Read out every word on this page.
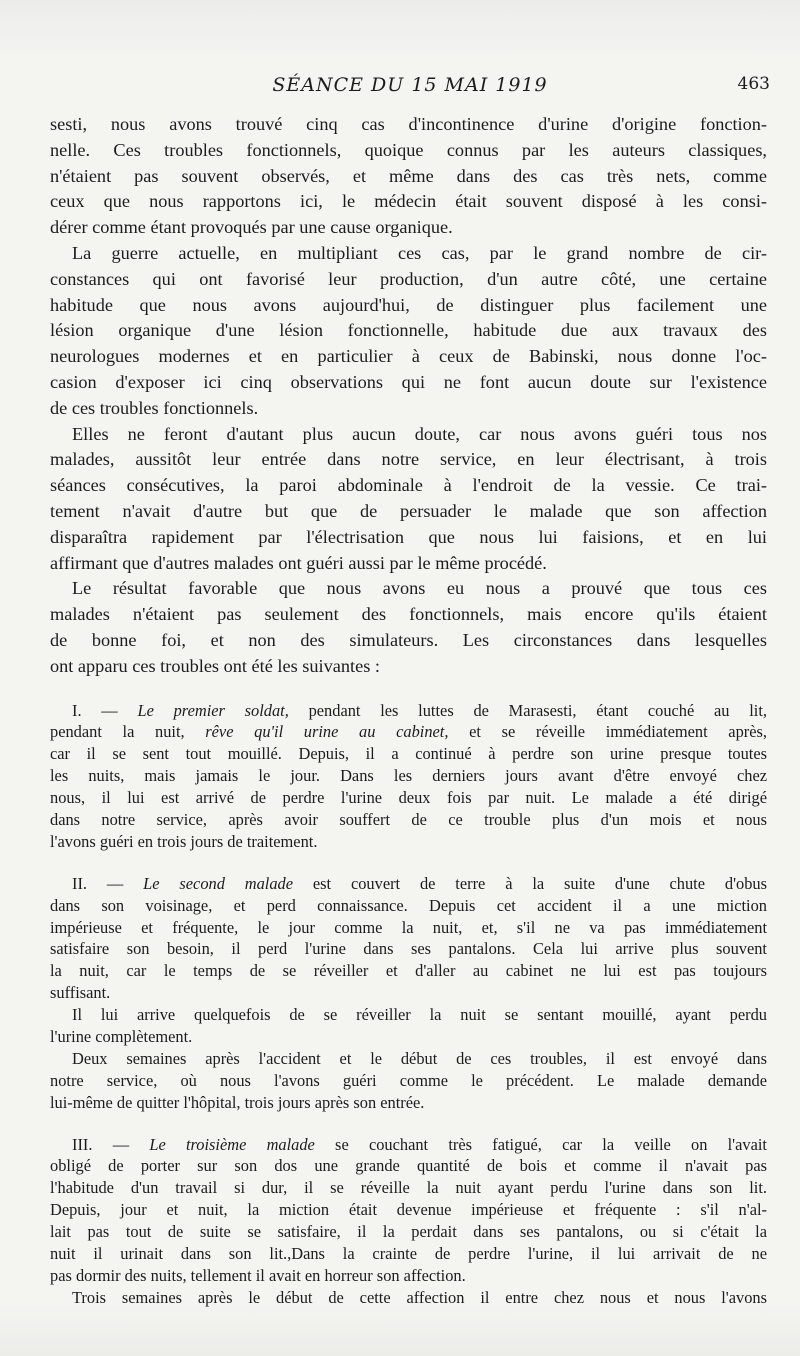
SÉANCE DU 15 MAI 1919	463
sesti, nous avons trouvé cinq cas d'incontinence d'urine d'origine fonction-
nelle. Ces troubles fonctionnels, quoique connus par les auteurs classiques,
n'étaient pas souvent observés, et même dans des cas très nets, comme
ceux que nous rapportons ici, le médecin était souvent disposé à les consi-
dérer comme étant provoqués par une cause organique.
La guerre actuelle, en multipliant ces cas, par le grand nombre de cir-
constances qui ont favorisé leur production, d'un autre côté, une certaine
habitude que nous avons aujourd'hui, de distinguer plus facilement une
lésion organique d'une lésion fonctionnelle, habitude due aux travaux des
neurologues modernes et en particulier à ceux de Babinski, nous donne l'oc-
casion d'exposer ici cinq observations qui ne font aucun doute sur l'existence
de ces troubles fonctionnels.
Elles ne feront d'autant plus aucun doute, car nous avons guéri tous nos
malades, aussitôt leur entrée dans notre service, en leur électrisant, à trois
séances consécutives, la paroi abdominale à l'endroit de la vessie. Ce trai-
tement n'avait d'autre but que de persuader le malade que son affection
disparaîtra rapidement par l'électrisation que nous lui faisions, et en lui
affirmant que d'autres malades ont guéri aussi par le même procédé.
Le résultat favorable que nous avons eu nous a prouvé que tous ces
malades n'étaient pas seulement des fonctionnels, mais encore qu'ils étaient
de bonne foi, et non des simulateurs. Les circonstances dans lesquelles
ont apparu ces troubles ont été les suivantes :
I. — Le premier soldat, pendant les luttes de Marasesti, étant couché au lit,
pendant la nuit, rêve qu'il urine au cabinet, et se réveille immédiatement après,
car il se sent tout mouillé. Depuis, il a continué à perdre son urine presque toutes
les nuits, mais jamais le jour. Dans les derniers jours avant d'être envoyé chez
nous, il lui est arrivé de perdre l'urine deux fois par nuit. Le malade a été dirigé
dans notre service, après avoir souffert de ce trouble plus d'un mois et nous
l'avons guéri en trois jours de traitement.
II. — Le second malade est couvert de terre à la suite d'une chute d'obus
dans son voisinage, et perd connaissance. Depuis cet accident il a une miction
impérieuse et fréquente, le jour comme la nuit, et, s'il ne va pas immédiatement
satisfaire son besoin, il perd l'urine dans ses pantalons. Cela lui arrive plus souvent
la nuit, car le temps de se réveiller et d'aller au cabinet ne lui est pas toujours
suffisant.
Il lui arrive quelquefois de se réveiller la nuit se sentant mouillé, ayant perdu
l'urine complètement.
Deux semaines après l'accident et le début de ces troubles, il est envoyé dans
notre service, où nous l'avons guéri comme le précédent. Le malade demande
lui-même de quitter l'hôpital, trois jours après son entrée.
III. — Le troisième malade se couchant très fatigué, car la veille on l'avait
obligé de porter sur son dos une grande quantité de bois et comme il n'avait pas
l'habitude d'un travail si dur, il se réveille la nuit ayant perdu l'urine dans son lit.
Depuis, jour et nuit, la miction était devenue impérieuse et fréquente : s'il n'al-
lait pas tout de suite se satisfaire, il la perdait dans ses pantalons, ou si c'était la
nuit il urinait dans son lit.,Dans la crainte de perdre l'urine, il lui arrivait de ne
pas dormir des nuits, tellement il avait en horreur son affection.
Trois semaines après le début de cette affection il entre chez nous et nous l'avons
